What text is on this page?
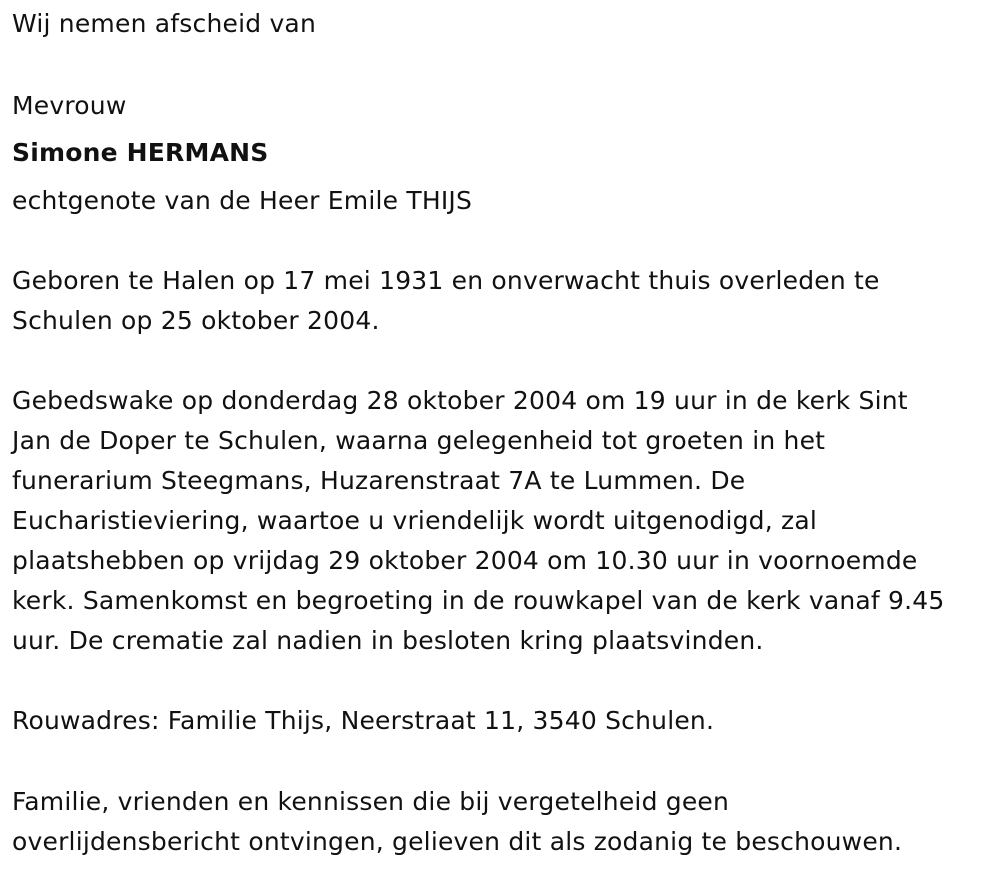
Wij nemen afscheid van
Mevrouw
Simone HERMANS
echtgenote van de Heer Emile THIJS
Geboren te Halen op 17 mei 1931 en onverwacht thuis overleden te
Schulen op 25 oktober 2004.
Gebedswake op donderdag 28 oktober 2004 om 19 uur in de kerk Sint
Jan de Doper te Schulen, waarna gelegenheid tot groeten in het
funerarium Steegmans, Huzarenstraat 7A te Lummen. De
Eucharistieviering, waartoe u vriendelijk wordt uitgenodigd, zal
plaatshebben op vrijdag 29 oktober 2004 om 10.30 uur in voornoemde
kerk. Samenkomst en begroeting in de rouwkapel van de kerk vanaf 9.45
uur. De crematie zal nadien in besloten kring plaatsvinden.
Rouwadres: Familie Thijs, Neerstraat 11, 3540 Schulen.
Familie, vrienden en kennissen die bij vergetelheid geen
overlijdensbericht ontvingen, gelieven dit als zodanig te beschouwen.
